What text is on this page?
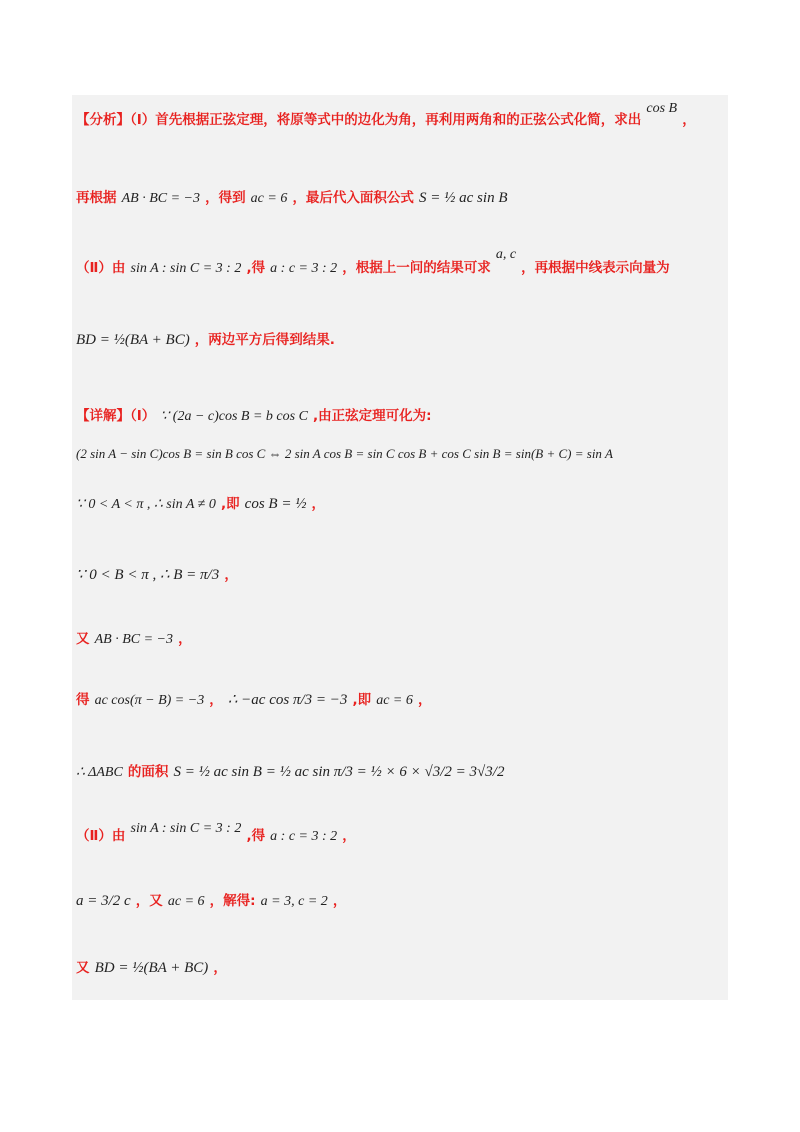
【分析】（Ⅰ）首先根据正弦定理，将原等式中的边化为角，再利用两角和的正弦公式化简，求出 cos B ，
再根据 AB · BC = −3 ，得到 ac = 6 ，最后代入面积公式 S = ½ ac sin B
（Ⅱ）由 sin A : sin C = 3 : 2 ,得 a : c = 3 : 2 ，根据上一问的结果可求 a, c ，再根据中线表示向量为
BD = ½(BA + BC) ，两边平方后得到结果.
【详解】（Ⅰ） ∵ (2a − c)cos B = b cos C ,由正弦定理可化为:
(2 sin A − sin C)cos B = sin B cos C ⇔ 2 sin A cos B = sin C cos B + cos C sin B = sin(B + C) = sin A
∵ 0 < A < π , ∴ sin A ≠ 0 ,即 cos B = ½ ，
∵ 0 < B < π , ∴ B = π/3 ，
又 AB · BC = −3 ，
得 ac cos(π − B) = −3 ， ∴ −ac cos π/3 = −3 ,即 ac = 6 ，
∴ ΔABC 的面积 S = ½ ac sin B = ½ ac sin π/3 = ½ × 6 × √3/2 = 3√3/2
（Ⅱ）由 sin A : sin C = 3 : 2 ,得 a : c = 3 : 2 ，
a = 3/2 c ，又 ac = 6 ，解得: a = 3, c = 2 ，
又 BD = ½(BA + BC) ，
